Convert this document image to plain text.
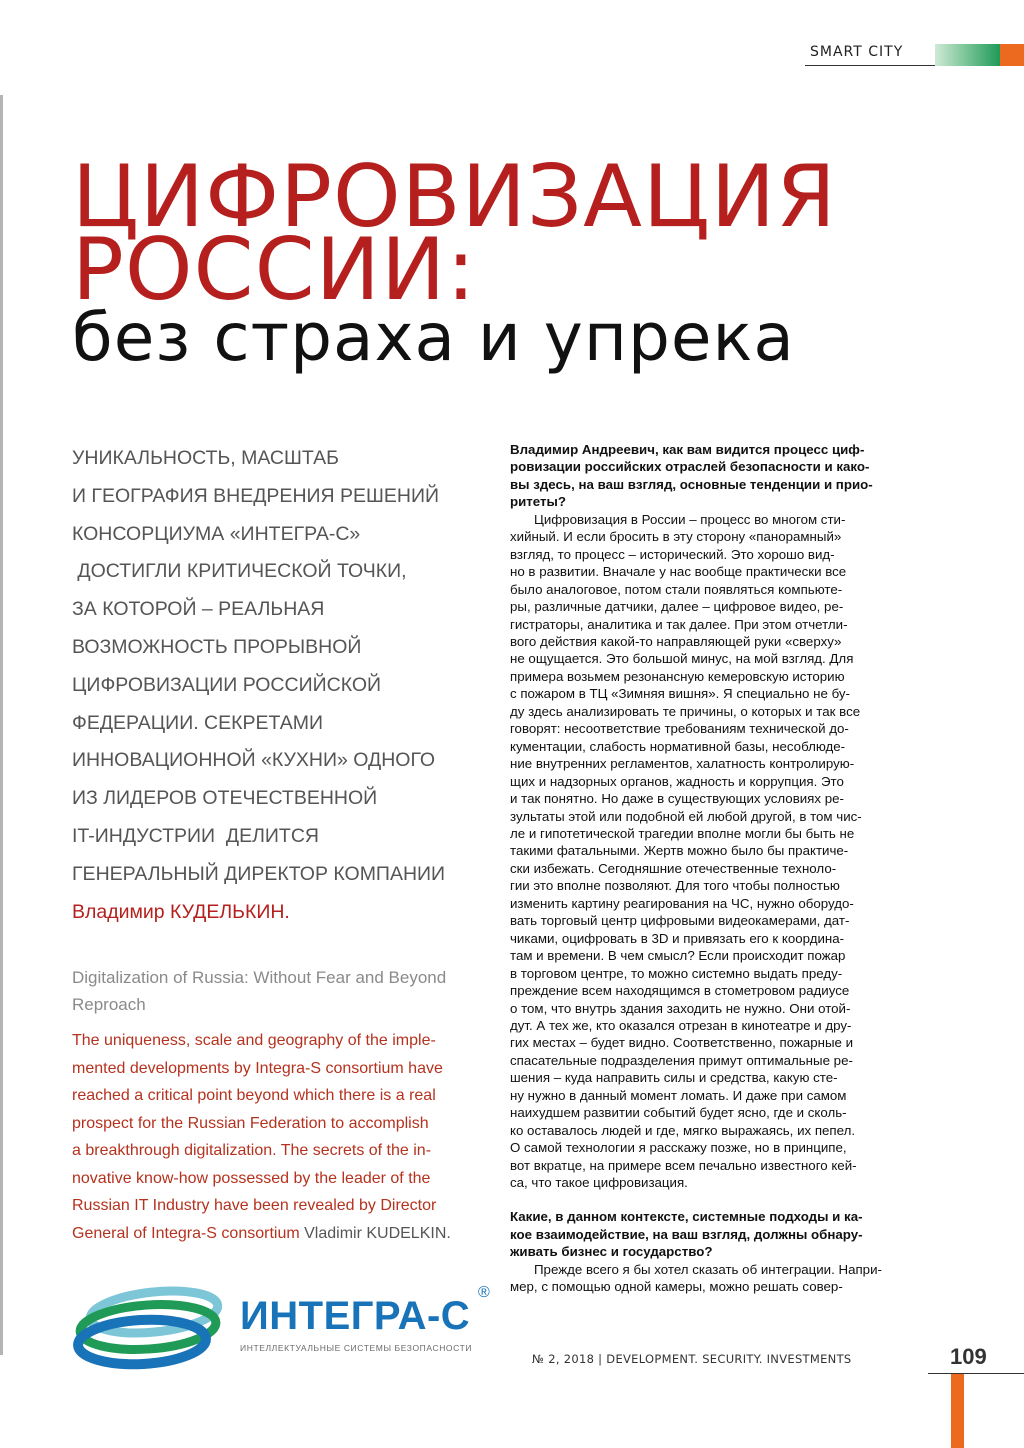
SMART CITY
ЦИФРОВИЗАЦИЯ
РОССИИ:
без страха и упрека
УНИКАЛЬНОСТЬ, МАСШТАБ
И ГЕОГРАФИЯ ВНЕДРЕНИЯ РЕШЕНИЙ
КОНСОРЦИУМА «ИНТЕГРА-С»
ДОСТИГЛИ КРИТИЧЕСКОЙ ТОЧКИ,
ЗА КОТОРОЙ – РЕАЛЬНАЯ
ВОЗМОЖНОСТЬ ПРОРЫВНОЙ
ЦИФРОВИЗАЦИИ РОССИЙСКОЙ
ФЕДЕРАЦИИ. СЕКРЕТАМИ
ИННОВАЦИОННОЙ «КУХНИ» ОДНОГО
ИЗ ЛИДЕРОВ ОТЕЧЕСТВЕННОЙ
IT-ИНДУСТРИИ  ДЕЛИТСЯ
ГЕНЕРАЛЬНЫЙ ДИРЕКТОР КОМПАНИИ
Владимир КУДЕЛЬКИН.
Digitalization of Russia: Without Fear and Beyond
Reproach
The uniqueness, scale and geography of the imple-
mented developments by Integra-S consortium have
reached a critical point beyond which there is a real
prospect for the Russian Federation to accomplish
a breakthrough digitalization. The secrets of the in-
novative know-how possessed by the leader of the
Russian IT Industry have been revealed by Director
General of Integra-S consortium Vladimir KUDELKIN.
ИНТЕГРА-С
®
ИНТЕЛЛЕКТУАЛЬНЫЕ СИСТЕМЫ БЕЗОПАСНОСТИ
Владимир Андреевич, как вам видится процесс циф-
ровизации российских отраслей безопасности и како-
вы здесь, на ваш взгляд, основные тенденции и прио-
ритеты?
Цифровизация в России – процесс во многом сти-
хийный. И если бросить в эту сторону «панорамный»
взгляд, то процесс – исторический. Это хорошо вид-
но в развитии. Вначале у нас вообще практически все
было аналоговое, потом стали появляться компьюте-
ры, различные датчики, далее – цифровое видео, ре-
гистраторы, аналитика и так далее. При этом отчетли-
вого действия какой-то направляющей руки «сверху»
не ощущается. Это большой минус, на мой взгляд. Для
примера возьмем резонансную кемеровскую историю
с пожаром в ТЦ «Зимняя вишня». Я специально не бу-
ду здесь анализировать те причины, о которых и так все
говорят: несоответствие требованиям технической до-
кументации, слабость нормативной базы, несоблюде-
ние внутренних регламентов, халатность контролирую-
щих и надзорных органов, жадность и коррупция. Это
и так понятно. Но даже в существующих условиях ре-
зультаты этой или подобной ей любой другой, в том чис-
ле и гипотетической трагедии вполне могли бы быть не
такими фатальными. Жертв можно было бы практиче-
ски избежать. Сегодняшние отечественные техноло-
гии это вполне позволяют. Для того чтобы полностью
изменить картину реагирования на ЧС, нужно оборудо-
вать торговый центр цифровыми видеокамерами, дат-
чиками, оцифровать в 3D и привязать его к координа-
там и времени. В чем смысл? Если происходит пожар
в торговом центре, то можно системно выдать преду-
преждение всем находящимся в стометровом радиусе
о том, что внутрь здания заходить не нужно. Они отой-
дут. А тех же, кто оказался отрезан в кинотеатре и дру-
гих местах – будет видно. Соответственно, пожарные и
спасательные подразделения примут оптимальные ре-
шения – куда направить силы и средства, какую сте-
ну нужно в данный момент ломать. И даже при самом
наихудшем развитии событий будет ясно, где и сколь-
ко оставалось людей и где, мягко выражаясь, их пепел.
О самой технологии я расскажу позже, но в принципе,
вот вкратце, на примере всем печально известного кей-
са, что такое цифровизация.
Какие, в данном контексте, системные подходы и ка-
кое взаимодействие, на ваш взгляд, должны обнару-
живать бизнес и государство?
Прежде всего я бы хотел сказать об интеграции. Напри-
мер, с помощью одной камеры, можно решать совер-
№ 2, 2018 | DEVELOPMENT. SECURITY. INVESTMENTS	109
